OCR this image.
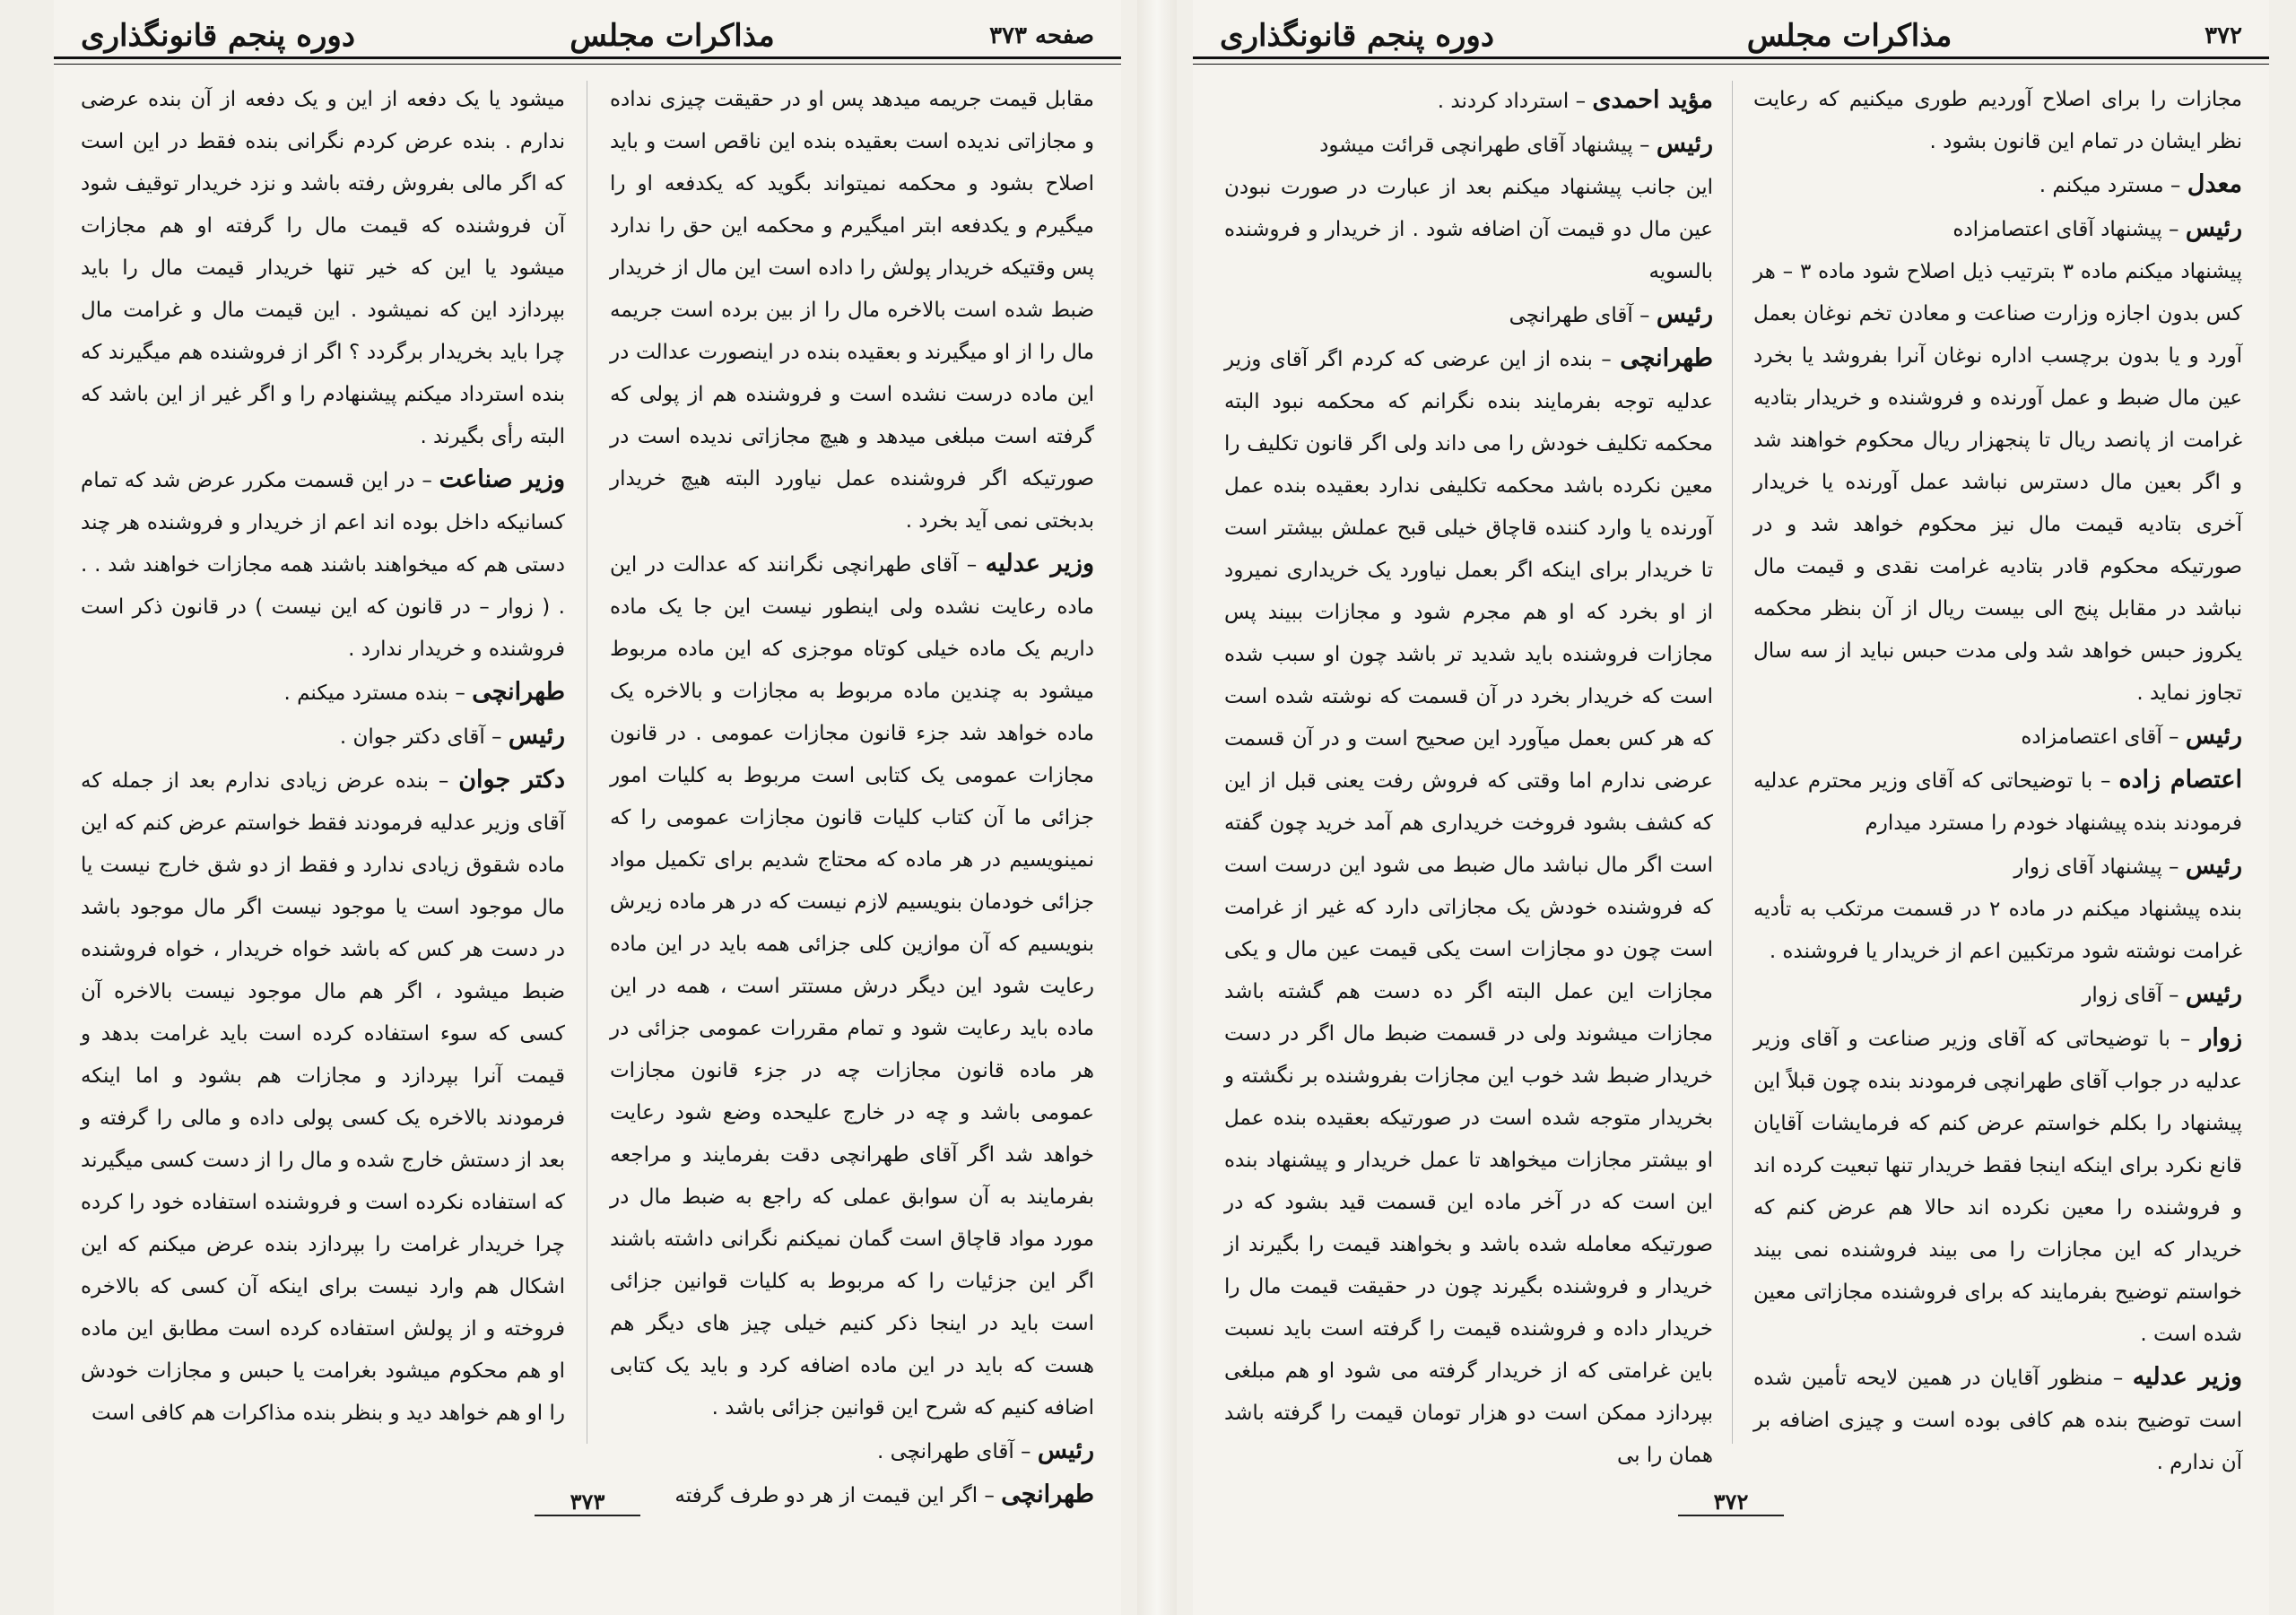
صفحه ۳۷۳
مذاکرات مجلس
دوره پنجم قانونگذاری

مقابل قیمت جریمه میدهد پس او در حقیقت چیزی نداده و مجازاتی ندیده است بعقیده بنده این ناقص است و باید اصلاح بشود و محکمه نمیتواند بگوید که یکدفعه او را میگیرم و یکدفعه ابتر امیگیرم و محکمه این حق را ندارد پس وقتیکه خریدار پولش را داده است این مال از خریدار ضبط شده است بالاخره مال را از بین برده است جریمه مال را از او میگیرند و بعقیده بنده در اینصورت عدالت در این ماده درست نشده است و فروشنده هم از پولی که گرفته است مبلغی میدهد و هیچ مجازاتی ندیده است در صورتیکه اگر فروشنده عمل نیاورد البته هیچ خریدار بدبختی نمی آید بخرد .

وزیر عدلیه – آقای طهرانچی نگرانند که عدالت در این ماده رعایت نشده ولی اینطور نیست این جا یک ماده داریم یک ماده خیلی کوتاه موجزی که این ماده مربوط میشود به چندین ماده مربوط به مجازات و بالاخره یک ماده خواهد شد جزء قانون مجازات عمومی . در قانون مجازات عمومی یک کتابی است مربوط به کلیات امور جزائی ما آن کتاب کلیات قانون مجازات عمومی را که نمینویسیم در هر ماده که محتاج شدیم برای تکمیل مواد جزائی خودمان بنویسیم لازم نیست که در هر ماده زیرش بنویسیم که آن موازین کلی جزائی همه باید در این ماده رعایت شود این دیگر درش مستتر است ، همه در این ماده باید رعایت شود و تمام مقررات عمومی جزائی در هر ماده قانون مجازات چه در جزء قانون مجازات عمومی باشد و چه در خارج علیحده وضع شود رعایت خواهد شد اگر آقای طهرانچی دقت بفرمایند و مراجعه بفرمایند به آن سوابق عملی که راجع به ضبط مال در مورد مواد قاچاق است گمان نمیکنم نگرانی داشته باشند اگر این جزئیات را که مربوط به کلیات قوانین جزائی است باید در اینجا ذکر کنیم خیلی چیز های دیگر هم هست که باید در این ماده اضافه کرد و باید یک کتابی اضافه کنیم که شرح این قوانین جزائی باشد .

رئیس – آقای طهرانچی .

طهرانچی – اگر این قیمت از هر دو طرف گرفته

میشود یا یک دفعه از این و یک دفعه از آن بنده عرضی ندارم . بنده عرض کردم نگرانی بنده فقط در این است که اگر مالی بفروش رفته باشد و نزد خریدار توقیف شود آن فروشنده که قیمت مال را گرفته او هم مجازات میشود یا این که خیر تنها خریدار قیمت مال را باید بپردازد این که نمیشود . این قیمت مال و غرامت مال چرا باید بخریدار برگردد ؟ اگر از فروشنده هم میگیرند که بنده استرداد میکنم پیشنهادم را و اگر غیر از این باشد که البته رأی بگیرند .

وزیر صناعت – در این قسمت مکرر عرض شد که تمام کسانیکه داخل بوده اند اعم از خریدار و فروشنده هر چند دستی هم که میخواهند باشند همه مجازات خواهند شد . . . ( زوار – در قانون که این نیست ) در قانون ذکر است فروشنده و خریدار ندارد .

طهرانچی – بنده مسترد میکنم .

رئیس – آقای دکتر جوان .

دکتر جوان – بنده عرض زیادی ندارم بعد از جمله که آقای وزیر عدلیه فرمودند فقط خواستم عرض کنم که این ماده شقوق زیادی ندارد و فقط از دو شق خارج نیست یا مال موجود است یا موجود نیست اگر مال موجود باشد در دست هر کس که باشد خواه خریدار ، خواه فروشنده ضبط میشود ، اگر هم مال موجود نیست بالاخره آن کسی که سوء استفاده کرده است باید غرامت بدهد و قیمت آنرا بپردازد و مجازات هم بشود و اما اینکه فرمودند بالاخره یک کسی پولی داده و مالی را گرفته و بعد از دستش خارج شده و مال را از دست کسی میگیرند که استفاده نکرده است و فروشنده استفاده خود را کرده چرا خریدار غرامت را بپردازد بنده عرض میکنم که این اشکال هم وارد نیست برای اینکه آن کسی که بالاخره فروخته و از پولش استفاده کرده است مطابق این ماده او هم محکوم میشود بغرامت یا حبس و مجازات خودش را او هم خواهد دید و بنظر بنده مذاکرات هم کافی است

۳۷۳
۳۷۲
مذاکرات مجلس
دوره پنجم قانونگذاری

مجازات را برای اصلاح آوردیم طوری میکنیم که رعایت نظر ایشان در تمام این قانون بشود .

معدل – مسترد میکنم .

رئیس – پیشنهاد آقای اعتصامزاده

پیشنهاد میکنم ماده ۳ بترتیب ذیل اصلاح شود ماده ۳ – هر کس بدون اجازه وزارت صناعت و معادن تخم نوغان بعمل آورد و یا بدون برچسب اداره نوغان آنرا بفروشد یا بخرد عین مال ضبط و عمل آورنده و فروشنده و خریدار بتادیه غرامت از پانصد ریال تا پنجهزار ریال محکوم خواهند شد و اگر بعین مال دسترس نباشد عمل آورنده یا خریدار آخری بتادیه قیمت مال نیز محکوم خواهد شد و در صورتیکه محکوم قادر بتادیه غرامت نقدی و قیمت مال نباشد در مقابل پنج الی بیست ریال از آن بنظر محکمه یکروز حبس خواهد شد ولی مدت حبس نباید از سه سال تجاوز نماید .

رئیس – آقای اعتصامزاده

اعتصام زاده – با توضیحاتی که آقای وزیر محترم عدلیه فرمودند بنده پیشنهاد خودم را مسترد میدارم

رئیس – پیشنهاد آقای زوار

بنده پیشنهاد میکنم در ماده ۲ در قسمت مرتکب به تأدیه غرامت نوشته شود مرتکبین اعم از خریدار یا فروشنده .

رئیس – آقای زوار

زوار – با توضیحاتی که آقای وزیر صناعت و آقای وزیر عدلیه در جواب آقای طهرانچی فرمودند بنده چون قبلاً این پیشنهاد را بکلم خواستم عرض کنم که فرمایشات آقایان قانع نکرد برای اینکه اینجا فقط خریدار تنها تبعیت کرده اند و فروشنده را معین نکرده اند حالا هم عرض کنم که خریدار که این مجازات را می بیند فروشنده نمی بیند خواستم توضیح بفرمایند که برای فروشنده مجازاتی معین شده است .

وزیر عدلیه – منظور آقایان در همین لایحه تأمین شده است توضیح بنده هم کافی بوده است و چیزی اضافه بر آن ندارم .

مؤید احمدی – استرداد کردند .

رئیس – پیشنهاد آقای طهرانچی قرائت میشود

این جانب پیشنهاد میکنم بعد از عبارت در صورت نبودن عین مال دو قیمت آن اضافه شود . از خریدار و فروشنده بالسویه

رئیس – آقای طهرانچی

طهرانچی – بنده از این عرضی که کردم اگر آقای وزیر عدلیه توجه بفرمایند بنده نگرانم که محکمه نبود البته محکمه تکلیف خودش را می داند ولی اگر قانون تکلیف را معین نکرده باشد محکمه تکلیفی ندارد بعقیده بنده عمل آورنده یا وارد کننده قاچاق خیلی قبح عملش بیشتر است تا خریدار برای اینکه اگر بعمل نیاورد یک خریداری نمیرود از او بخرد که او هم مجرم شود و مجازات ببیند پس مجازات فروشنده باید شدید تر باشد چون او سبب شده است که خریدار بخرد در آن قسمت که نوشته شده است که هر کس بعمل میآورد این صحیح است و در آن قسمت عرضی ندارم اما وقتی که فروش رفت یعنی قبل از این که کشف بشود فروخت خریداری هم آمد خرید چون گفته است اگر مال نباشد مال ضبط می شود این درست است که فروشنده خودش یک مجازاتی دارد که غیر از غرامت است چون دو مجازات است یکی قیمت عین مال و یکی مجازات این عمل البته اگر ده دست هم گشته باشد مجازات میشوند ولی در قسمت ضبط مال اگر در دست خریدار ضبط شد خوب این مجازات بفروشنده بر نگشته و بخریدار متوجه شده است در صورتیکه بعقیده بنده عمل او بیشتر مجازات میخواهد تا عمل خریدار و پیشنهاد بنده این است که در آخر ماده این قسمت قید بشود که در صورتیکه معامله شده باشد و بخواهند قیمت را بگیرند از خریدار و فروشنده بگیرند چون در حقیقت قیمت مال را خریدار داده و فروشنده قیمت را گرفته است باید نسبت باین غرامتی که از خریدار گرفته می شود او هم مبلغی بپردازد ممکن است دو هزار تومان قیمت را گرفته باشد همان را بی

۳۷۲
